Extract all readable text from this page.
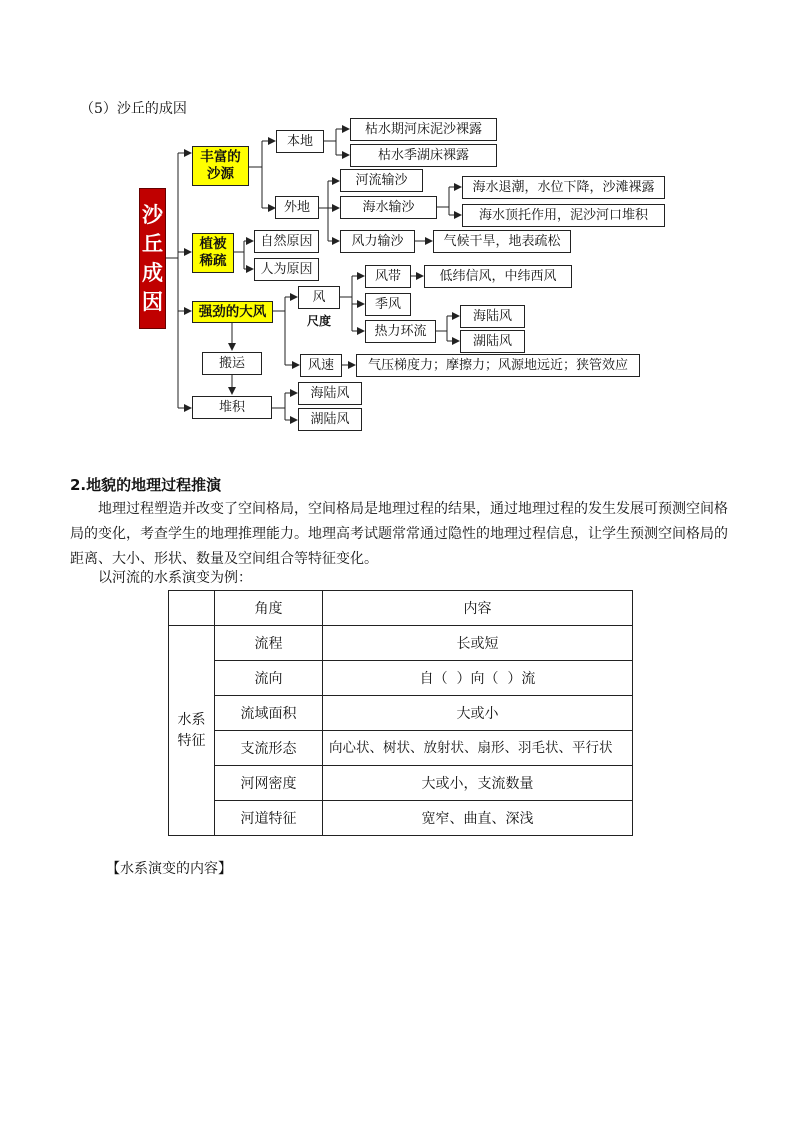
（5）沙丘的成因
沙
丘
成
因
丰富的
沙源
本地
枯水期河床泥沙裸露
枯水季湖床裸露
外地
河流输沙
海水输沙
海水退潮，水位下降，沙滩裸露
海水顶托作用，泥沙河口堆积
风力输沙	气候干旱，地表疏松
植被
稀疏
自然原因
人为原因
强劲的大风
风
尺度
风带	低纬信风，中纬西风
季风
热力环流
海陆风
湖陆风
风速	气压梯度力；摩擦力；风源地远近；狭管效应
搬运
堆积
海陆风
湖陆风
2.地貌的地理过程推演
地理过程塑造并改变了空间格局，空间格局是地理过程的结果，通过地理过程的发生发展可预测空间格局的变化，考查学生的地理推理能力。地理高考试题常常通过隐性的地理过程信息，让学生预测空间格局的距离、大小、形状、数量及空间组合等特征变化。
以河流的水系演变为例：
	角度	内容
水系
特征	流程	长或短
	流向	自（  ）向（  ）流
	流域面积	大或小
	支流形态	向心状、树状、放射状、扇形、羽毛状、平行状
	河网密度	大或小，支流数量
	河道特征	宽窄、曲直、深浅
【水系演变的内容】
